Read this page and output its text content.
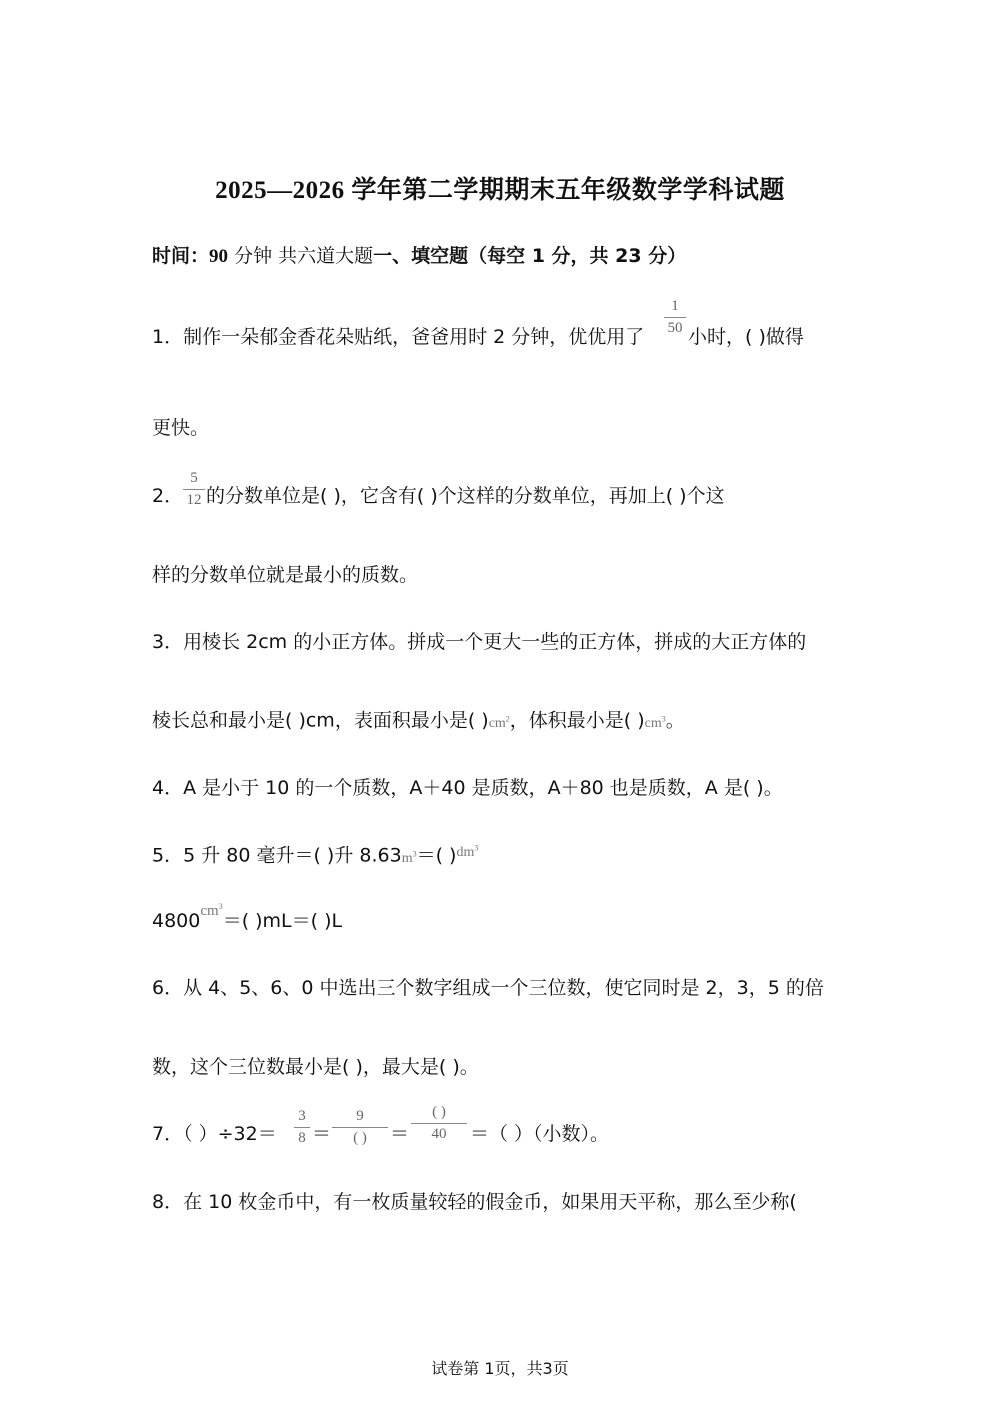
2025—2026 学年第二学期期末五年级数学学科试题
时间：90 分钟 共六道大题一、填空题（每空 1 分，共 23 分）
1．制作一朵郁金香花朵贴纸，爸爸用时 2 分钟，优优用了
1
50 小时，( )做得
更快。
2．
5
12 的分数单位是( )，它含有( )个这样的分数单位，再加上( )个这
样的分数单位就是最小的质数。
3．用棱长 2cm 的小正方体。拼成一个更大一些的正方体，拼成的大正方体的
棱长总和最小是( )cm，表面积最小是( )$cm^2$，体积最小是( )$cm^3$。
4．A 是小于 10 的一个质数，A＋40 是质数，A＋80 也是质数，A 是( )。
5．5 升 80 毫升＝( )升 $8.63m^3=$( )$^{dm^3}$
$4800^{cm^3}=$( )mL＝( )L
6．从 4、5、6、0 中选出三个数字组成一个三位数，使它同时是 2，3，5 的倍
数，这个三位数最小是( )，最大是( )。
7．（ ）÷32＝
3
8 ＝
9
( )	＝
( )
40	＝（ ）（小数）。
8．在 10 枚金币中，有一枚质量较轻的假金币，如果用天平称，那么至少称(
试卷第 1页，共3页
